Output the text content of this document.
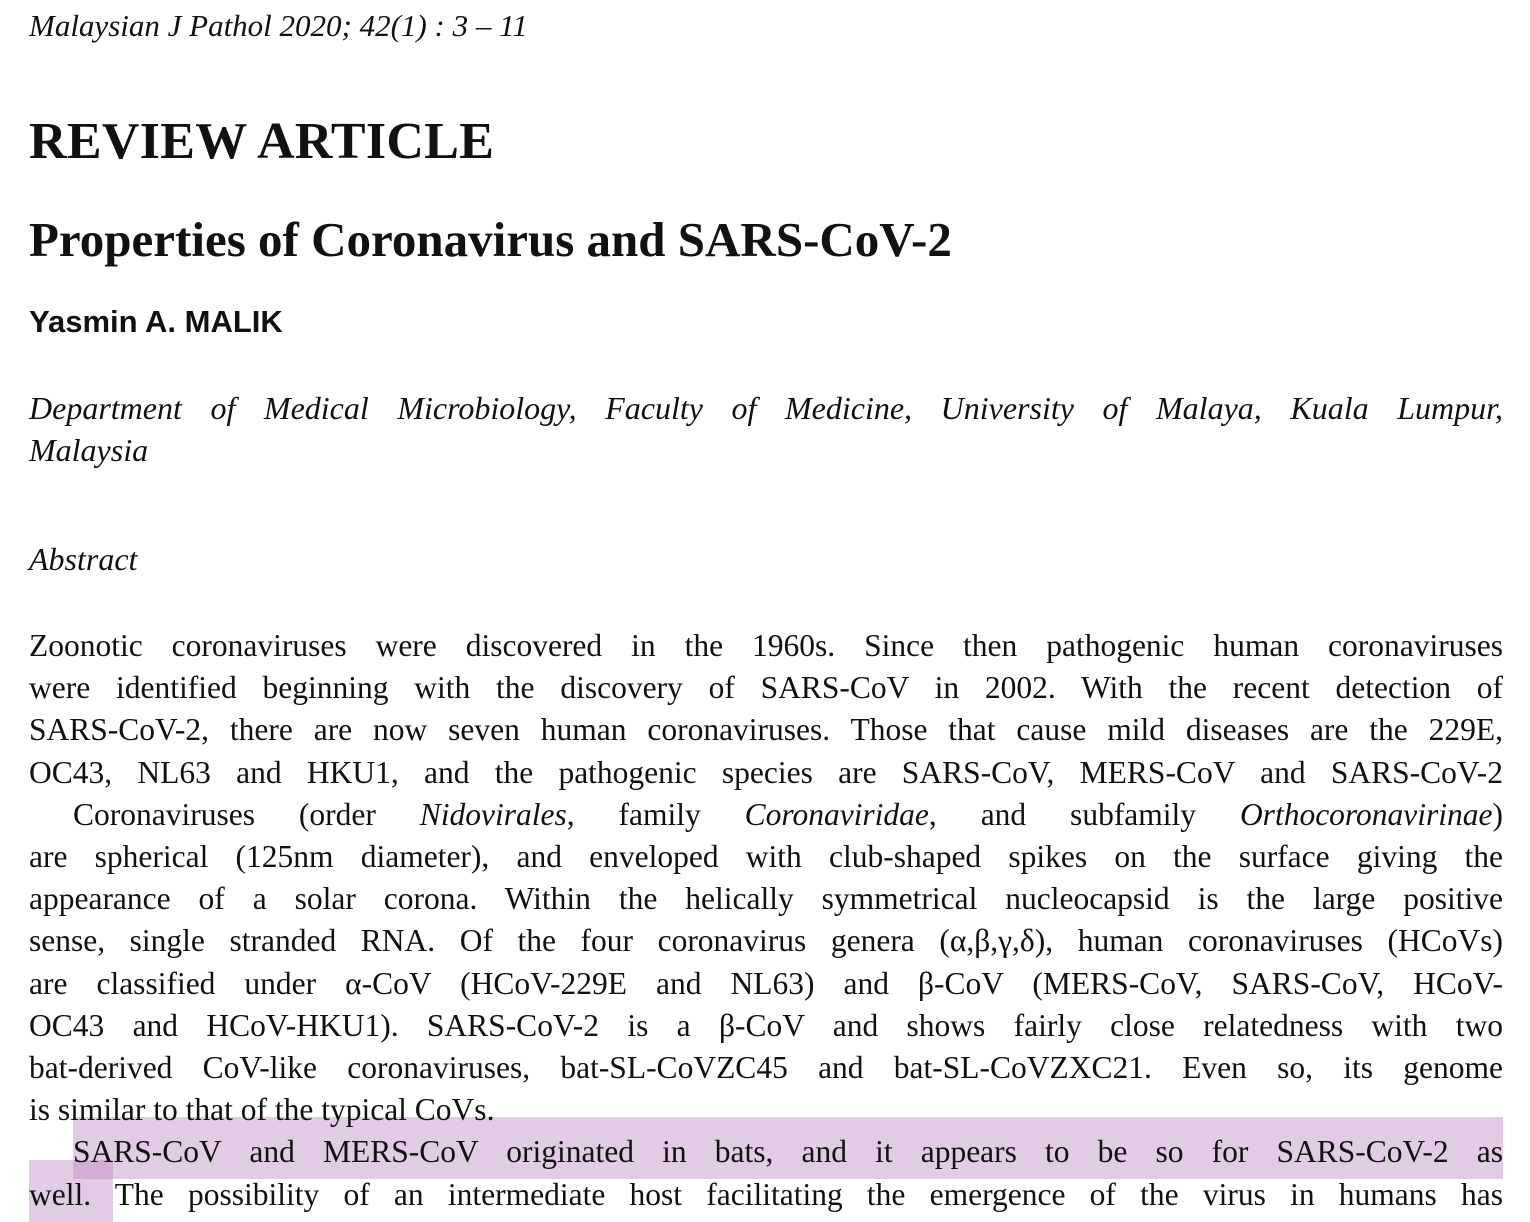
Malaysian J Pathol 2020; 42(1) : 3 – 11
REVIEW ARTICLE
Properties of Coronavirus and SARS-CoV-2
Yasmin A. MALIK
Department of Medical Microbiology, Faculty of Medicine, University of Malaya, Kuala Lumpur,
Malaysia
Abstract
Zoonotic coronaviruses were discovered in the 1960s. Since then pathogenic human coronaviruses
were identified beginning with the discovery of SARS-CoV in 2002. With the recent detection of
SARS-CoV-2, there are now seven human coronaviruses. Those that cause mild diseases are the 229E,
OC43, NL63 and HKU1, and the pathogenic species are SARS-CoV, MERS-CoV and SARS-CoV-2
Coronaviruses (order Nidovirales, family Coronaviridae, and subfamily Orthocoronavirinae)
are spherical (125nm diameter), and enveloped with club-shaped spikes on the surface giving the
appearance of a solar corona. Within the helically symmetrical nucleocapsid is the large positive
sense, single stranded RNA. Of the four coronavirus genera (α,β,γ,δ), human coronaviruses (HCoVs)
are classified under α-CoV (HCoV-229E and NL63) and β-CoV (MERS-CoV, SARS-CoV, HCoV-
OC43 and HCoV-HKU1). SARS-CoV-2 is a β-CoV and shows fairly close relatedness with two
bat-derived CoV-like coronaviruses, bat-SL-CoVZC45 and bat-SL-CoVZXC21. Even so, its genome
is similar to that of the typical CoVs.
SARS-CoV and MERS-CoV originated in bats, and it appears to be so for SARS-CoV-2 as
well. The possibility of an intermediate host facilitating the emergence of the virus in humans has
